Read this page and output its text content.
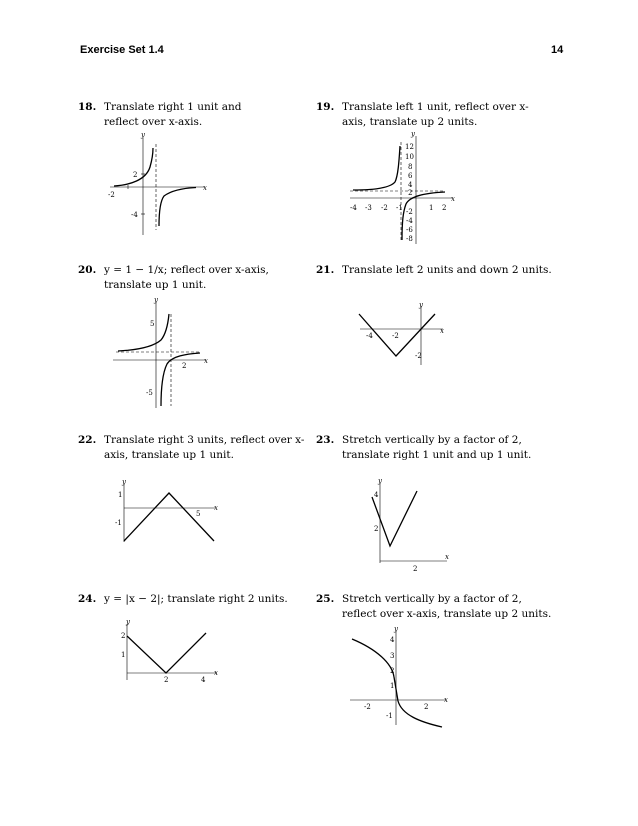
Exercise Set 1.4	14
18. Translate right 1 unit and reflect over x-axis.
y
x
2
-2
-4
19. Translate left 1 unit, reflect over x-axis, translate up 2 units.
y
x
12
10
8
6
4
2
-2
-4
-6
-8
-4 -3 -2 -1	1 2
20. y = 1 − 1/x; reflect over x-axis, translate up 1 unit.
y
x
5
2
-5
21. Translate left 2 units and down 2 units.
y
x
-4	-2
-2
22. Translate right 3 units, reflect over x-axis, translate up 1 unit.
y
x
1
5
-1
23. Stretch vertically by a factor of 2, translate right 1 unit and up 1 unit.
y
x
4
2
2
24. y = |x − 2|; translate right 2 units.
y
x
2
1
2	4
25. Stretch vertically by a factor of 2, reflect over x-axis, translate up 2 units.
y
x
4
3
2
1
-1
-2	2
